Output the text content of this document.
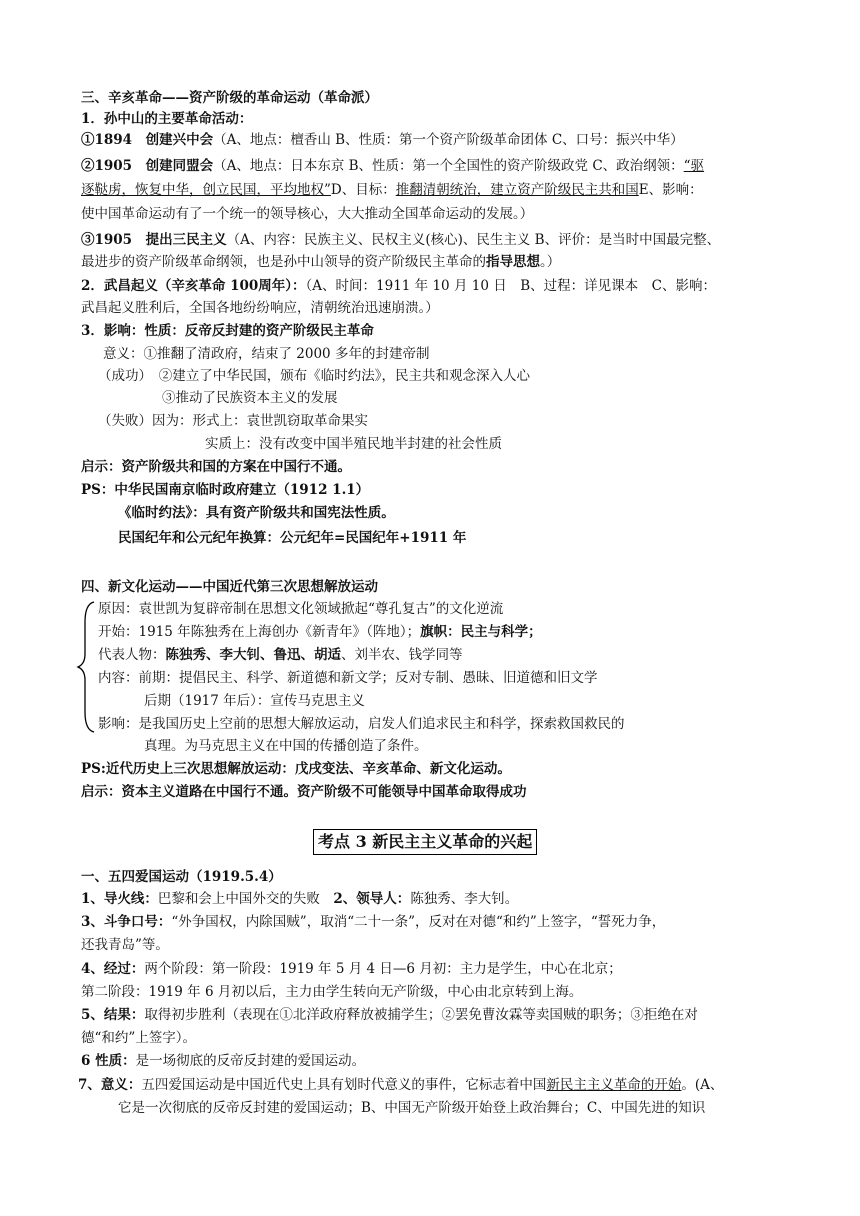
三、辛亥革命——资产阶级的革命运动（革命派）
1．孙中山的主要革命活动：
①1894　创建兴中会（A、地点：檀香山 B、性质：第一个资产阶级革命团体 C、口号：振兴中华）
②1905　创建同盟会（A、地点：日本东京 B、性质：第一个全国性的资产阶级政党 C、政治纲领：“驱
逐鞑虏，恢复中华，创立民国，平均地权”D、目标：推翻清朝统治，建立资产阶级民主共和国E、影响：
使中国革命运动有了一个统一的领导核心，大大推动全国革命运动的发展。）
③1905　提出三民主义（A、内容：民族主义、民权主义(核心)、民生主义 B、评价：是当时中国最完整、
最进步的资产阶级革命纲领，也是孙中山领导的资产阶级民主革命的指导思想。）
2．武昌起义（辛亥革命 100周年）：（A、时间：1911 年 10 月 10 日　B、过程：详见课本　C、影响：
武昌起义胜利后，全国各地纷纷响应，清朝统治迅速崩溃。）
3．影响：性质：反帝反封建的资产阶级民主革命
意义：①推翻了清政府，结束了 2000 多年的封建帝制
（成功）　 ②建立了中华民国，颁布《临时约法》，民主共和观念深入人心
③推动了民族资本主义的发展
（失败）因为：形式上：袁世凯窃取革命果实
实质上：没有改变中国半殖民地半封建的社会性质
启示：资产阶级共和国的方案在中国行不通。
PS：中华民国南京临时政府建立（1912 1.1）
《临时约法》：具有资产阶级共和国宪法性质。
民国纪年和公元纪年换算：公元纪年=民国纪年+1911 年
四、新文化运动——中国近代第三次思想解放运动
原因：袁世凯为复辟帝制在思想文化领域掀起“尊孔复古”的文化逆流
开始：1915 年陈独秀在上海创办《新青年》（阵地）；旗帜：民主与科学；
代表人物：陈独秀、李大钊、鲁迅、胡适、刘半农、钱学同等
内容：前期：提倡民主、科学、新道德和新文学；反对专制、愚昧、旧道德和旧文学
后期（1917 年后）：宣传马克思主义
影响：是我国历史上空前的思想大解放运动，启发人们追求民主和科学，探索救国救民的
真理。为马克思主义在中国的传播创造了条件。
PS:近代历史上三次思想解放运动：戊戌变法、辛亥革命、新文化运动。
启示：资本主义道路在中国行不通。资产阶级不可能领导中国革命取得成功
考点 3 新民主主义革命的兴起
一、五四爱国运动（1919.5.4）
1、导火线：巴黎和会上中国外交的失败　2、领导人：陈独秀、李大钊。
3、斗争口号：“外争国权，内除国贼”，取消“二十一条”，反对在对德“和约”上签字，“誓死力争，
还我青岛”等。
4、经过：两个阶段：第一阶段：1919 年 5 月 4 日—6 月初：主力是学生，中心在北京；
第二阶段：1919 年 6 月初以后，主力由学生转向无产阶级，中心由北京转到上海。
5、结果：取得初步胜利（表现在①北洋政府释放被捕学生；②罢免曹汝霖等卖国贼的职务；③拒绝在对
德“和约”上签字）。
6 性质：是一场彻底的反帝反封建的爱国运动。
7、意义：五四爱国运动是中国近代史上具有划时代意义的事件，它标志着中国新民主主义革命的开始。(A、
它是一次彻底的反帝反封建的爱国运动；B、中国无产阶级开始登上政治舞台；C、中国先进的知识
